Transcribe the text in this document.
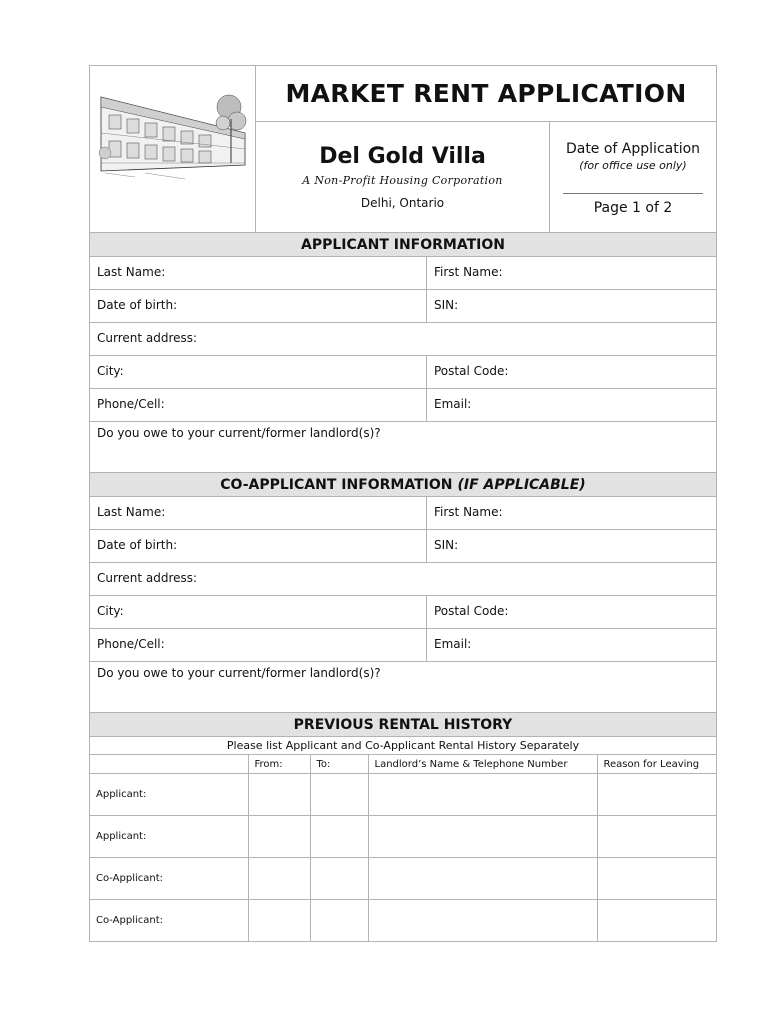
MARKET RENT APPLICATION
Del Gold Villa
A Non-Profit Housing Corporation
Delhi, Ontario
Date of Application
(for office use only)
Page 1 of 2
APPLICANT INFORMATION
Last Name:	First Name:
Date of birth:	SIN:
Current address:
City:	Postal Code:
Phone/Cell:	Email:
Do you owe to your current/former landlord(s)?
CO-APPLICANT INFORMATION (IF APPLICABLE)
Last Name:	First Name:
Date of birth:	SIN:
Current address:
City:	Postal Code:
Phone/Cell:	Email:
Do you owe to your current/former landlord(s)?
PREVIOUS RENTAL HISTORY
Please list Applicant and Co-Applicant Rental History Separately
	From:	To:	Landlord’s Name & Telephone Number	Reason for Leaving
Applicant:				
Applicant:				
Co-Applicant:				
Co-Applicant:				
